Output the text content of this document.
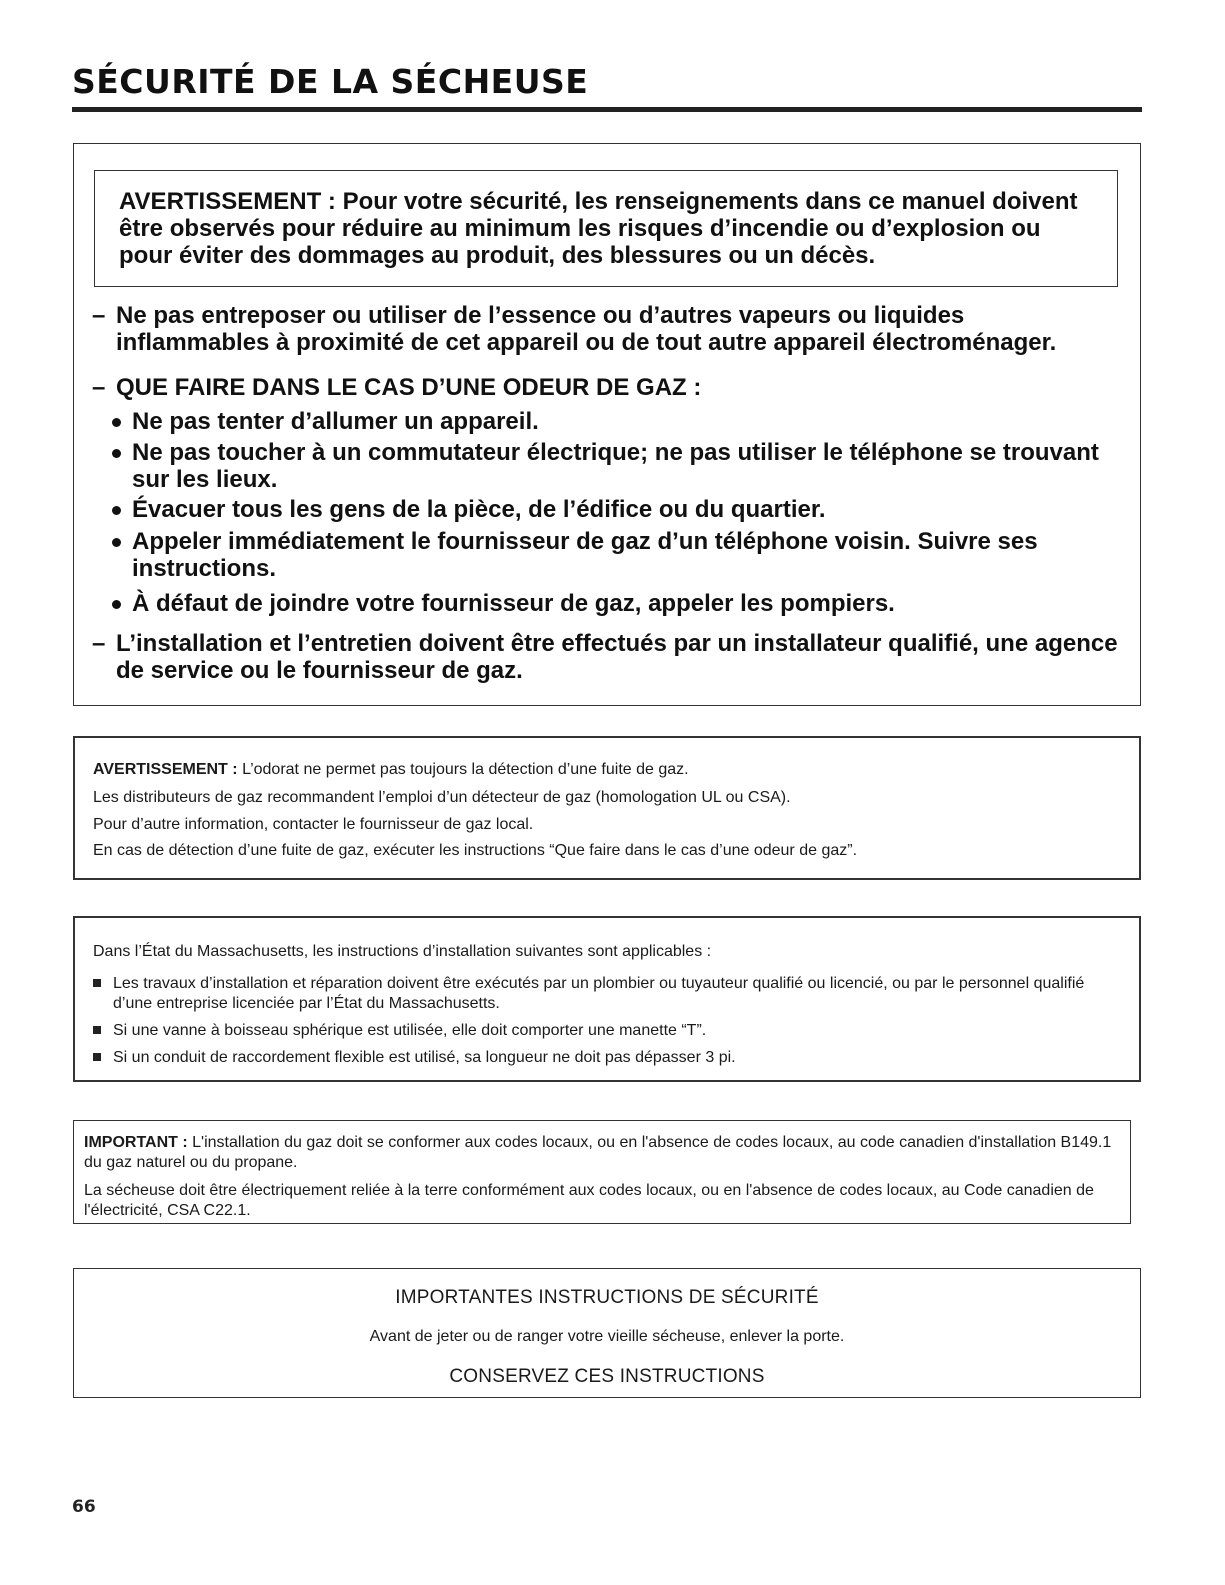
SÉCURITÉ DE LA SÉCHEUSE
AVERTISSEMENT : Pour votre sécurité, les renseignements dans ce manuel doivent être observés pour réduire au minimum les risques d’incendie ou d’explosion ou pour éviter des dommages au produit, des blessures ou un décès.
– Ne pas entreposer ou utiliser de l’essence ou d’autres vapeurs ou liquides inflammables à proximité de cet appareil ou de tout autre appareil électroménager.
– QUE FAIRE DANS LE CAS D’UNE ODEUR DE GAZ :
Ne pas tenter d’allumer un appareil.
Ne pas toucher à un commutateur électrique; ne pas utiliser le téléphone se trouvant sur les lieux.
Évacuer tous les gens de la pièce, de l’édifice ou du quartier.
Appeler immédiatement le fournisseur de gaz d’un téléphone voisin. Suivre ses instructions.
À défaut de joindre votre fournisseur de gaz, appeler les pompiers.
– L’installation et l’entretien doivent être effectués par un installateur qualifié, une agence de service ou le fournisseur de gaz.
AVERTISSEMENT : L’odorat ne permet pas toujours la détection d’une fuite de gaz.
Les distributeurs de gaz recommandent l’emploi d’un détecteur de gaz (homologation UL ou CSA).
Pour d’autre information, contacter le fournisseur de gaz local.
En cas de détection d’une fuite de gaz, exécuter les instructions “Que faire dans le cas d’une odeur de gaz”.
Dans l’État du Massachusetts, les instructions d’installation suivantes sont applicables :
Les travaux d’installation et réparation doivent être exécutés par un plombier ou tuyauteur qualifié ou licencié, ou par le personnel qualifié d’une entreprise licenciée par l’État du Massachusetts.
Si une vanne à boisseau sphérique est utilisée, elle doit comporter une manette “T”.
Si un conduit de raccordement flexible est utilisé, sa longueur ne doit pas dépasser 3 pi.
IMPORTANT : L'installation du gaz doit se conformer aux codes locaux, ou en l'absence de codes locaux, au code canadien d'installation B149.1 du gaz naturel ou du propane.
La sécheuse doit être électriquement reliée à la terre conformément aux codes locaux, ou en l'absence de codes locaux, au Code canadien de l'électricité, CSA C22.1.
IMPORTANTES INSTRUCTIONS DE SÉCURITÉ
Avant de jeter ou de ranger votre vieille sécheuse, enlever la porte.
CONSERVEZ CES INSTRUCTIONS
66
